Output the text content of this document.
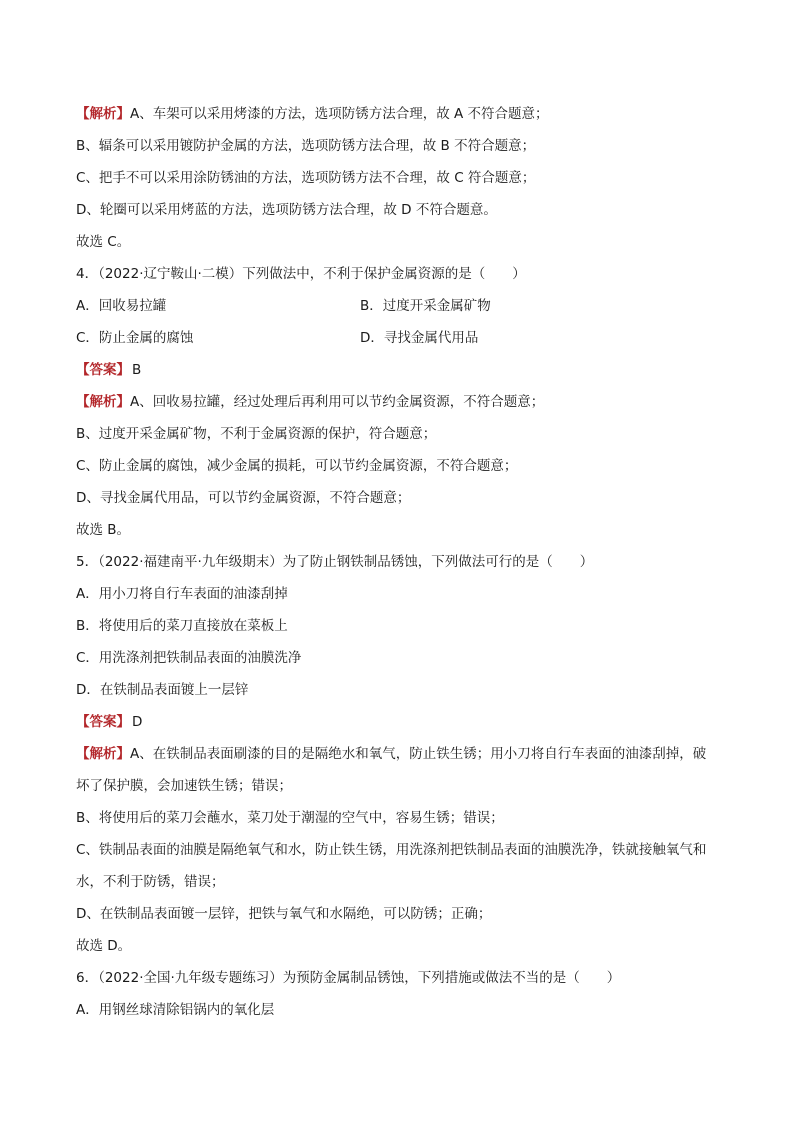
【解析】A、车架可以采用烤漆的方法，选项防锈方法合理，故 A 不符合题意；
B、辐条可以采用镀防护金属的方法，选项防锈方法合理，故 B 不符合题意；
C、把手不可以采用涂防锈油的方法，选项防锈方法不合理，故 C 符合题意；
D、轮圈可以采用烤蓝的方法，选项防锈方法合理，故 D 不符合题意。
故选 C。
4．（2022·辽宁鞍山·二模）下列做法中，不利于保护金属资源的是（　　）
A．回收易拉罐	B．过度开采金属矿物
C．防止金属的腐蚀	D．寻找金属代用品
【答案】 B
【解析】A、回收易拉罐，经过处理后再利用可以节约金属资源，不符合题意；
B、过度开采金属矿物，不利于金属资源的保护，符合题意；
C、防止金属的腐蚀，减少金属的损耗，可以节约金属资源，不符合题意；
D、寻找金属代用品，可以节约金属资源，不符合题意；
故选 B。
5．（2022·福建南平·九年级期末）为了防止钢铁制品锈蚀，下列做法可行的是（　　）
A．用小刀将自行车表面的油漆刮掉
B．将使用后的菜刀直接放在菜板上
C．用洗涤剂把铁制品表面的油膜洗净
D．在铁制品表面镀上一层锌
【答案】 D
【解析】A、在铁制品表面刷漆的目的是隔绝水和氧气，防止铁生锈；用小刀将自行车表面的油漆刮掉，破
坏了保护膜，会加速铁生锈；错误；
B、将使用后的菜刀会蘸水，菜刀处于潮湿的空气中，容易生锈；错误；
C、铁制品表面的油膜是隔绝氧气和水，防止铁生锈，用洗涤剂把铁制品表面的油膜洗净，铁就接触氧气和
水，不利于防锈，错误；
D、在铁制品表面镀一层锌，把铁与氧气和水隔绝，可以防锈；正确；
故选 D。
6．（2022·全国·九年级专题练习）为预防金属制品锈蚀，下列措施或做法不当的是（　　）
A．用钢丝球清除铝锅内的氧化层
